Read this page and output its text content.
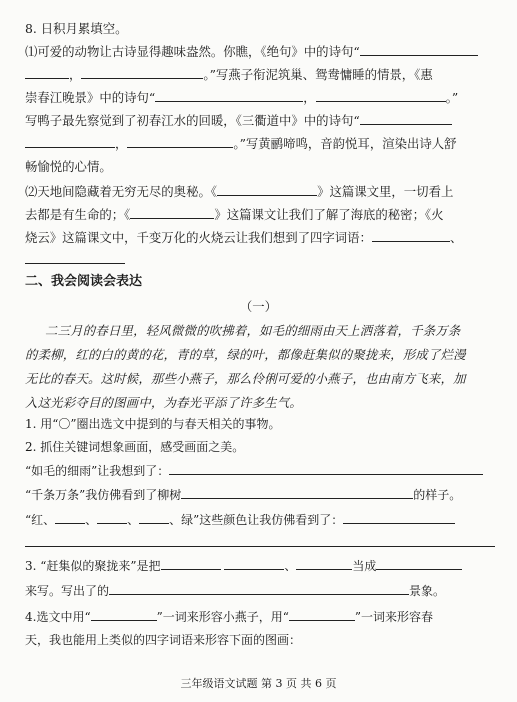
8. 日积月累填空。
⑴可爱的动物让古诗显得趣味盎然。你瞧，《绝句》中的诗句“
，	。”写燕子衔泥筑巢、鸳鸯慵睡的情景，《惠
崇春江晚景》中的诗句“	，	。”
写鸭子最先察觉到了初春江水的回暖，《三衢道中》中的诗句“
，	。”写黄鹂啼鸣，音韵悦耳，渲染出诗人舒
畅愉悦的心情。
⑵天地间隐藏着无穷无尽的奥秘。《	》这篇课文里，一切看上
去都是有生命的；《	》这篇课文让我们了解了海底的秘密；《火
烧云》这篇课文中，千变万化的火烧云让我们想到了四字词语：	、
二、我会阅读会表达
（一）
二三月的春日里，轻风微微的吹拂着，如毛的细雨由天上洒落着，千条万条
的柔柳，红的白的黄的花，青的草，绿的叶，都像赶集似的聚拢来，形成了烂漫
无比的春天。这时候，那些小燕子，那么伶俐可爱的小燕子，也由南方飞来，加
入这光彩夺目的图画中，为春光平添了许多生气。
1. 用“〇”圈出选文中提到的与春天相关的事物。
2. 抓住关键词想象画面，感受画面之美。
“如毛的细雨”让我想到了：
“千条万条”我仿佛看到了柳树	的样子。
“红、	、	、	、绿”这些颜色让我仿佛看到了：
3. “赶集似的聚拢来”是把	、	当成
来写。写出了的	景象。
4.选文中用“	”一词来形容小燕子，用“	”一词来形容春
天，我也能用上类似的四字词语来形容下面的图画：
三年级语文试题 第 3 页 共 6 页
